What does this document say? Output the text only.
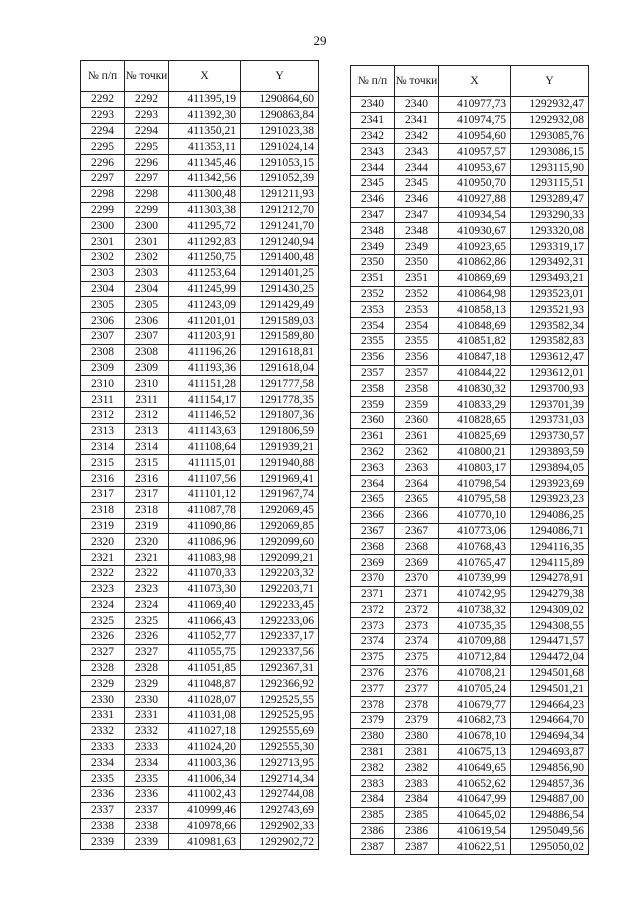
29
№ п/п	№ точки	X	Y
2292	2292	411395,19	1290864,60
2293	2293	411392,30	1290863,84
2294	2294	411350,21	1291023,38
2295	2295	411353,11	1291024,14
2296	2296	411345,46	1291053,15
2297	2297	411342,56	1291052,39
2298	2298	411300,48	1291211,93
2299	2299	411303,38	1291212,70
2300	2300	411295,72	1291241,70
2301	2301	411292,83	1291240,94
2302	2302	411250,75	1291400,48
2303	2303	411253,64	1291401,25
2304	2304	411245,99	1291430,25
2305	2305	411243,09	1291429,49
2306	2306	411201,01	1291589,03
2307	2307	411203,91	1291589,80
2308	2308	411196,26	1291618,81
2309	2309	411193,36	1291618,04
2310	2310	411151,28	1291777,58
2311	2311	411154,17	1291778,35
2312	2312	411146,52	1291807,36
2313	2313	411143,63	1291806,59
2314	2314	411108,64	1291939,21
2315	2315	411115,01	1291940,88
2316	2316	411107,56	1291969,41
2317	2317	411101,12	1291967,74
2318	2318	411087,78	1292069,45
2319	2319	411090,86	1292069,85
2320	2320	411086,96	1292099,60
2321	2321	411083,98	1292099,21
2322	2322	411070,33	1292203,32
2323	2323	411073,30	1292203,71
2324	2324	411069,40	1292233,45
2325	2325	411066,43	1292233,06
2326	2326	411052,77	1292337,17
2327	2327	411055,75	1292337,56
2328	2328	411051,85	1292367,31
2329	2329	411048,87	1292366,92
2330	2330	411028,07	1292525,55
2331	2331	411031,08	1292525,95
2332	2332	411027,18	1292555,69
2333	2333	411024,20	1292555,30
2334	2334	411003,36	1292713,95
2335	2335	411006,34	1292714,34
2336	2336	411002,43	1292744,08
2337	2337	410999,46	1292743,69
2338	2338	410978,66	1292902,33
2339	2339	410981,63	1292902,72
№ п/п	№ точки	X	Y
2340	2340	410977,73	1292932,47
2341	2341	410974,75	1292932,08
2342	2342	410954,60	1293085,76
2343	2343	410957,57	1293086,15
2344	2344	410953,67	1293115,90
2345	2345	410950,70	1293115,51
2346	2346	410927,88	1293289,47
2347	2347	410934,54	1293290,33
2348	2348	410930,67	1293320,08
2349	2349	410923,65	1293319,17
2350	2350	410862,86	1293492,31
2351	2351	410869,69	1293493,21
2352	2352	410864,98	1293523,01
2353	2353	410858,13	1293521,93
2354	2354	410848,69	1293582,34
2355	2355	410851,82	1293582,83
2356	2356	410847,18	1293612,47
2357	2357	410844,22	1293612,01
2358	2358	410830,32	1293700,93
2359	2359	410833,29	1293701,39
2360	2360	410828,65	1293731,03
2361	2361	410825,69	1293730,57
2362	2362	410800,21	1293893,59
2363	2363	410803,17	1293894,05
2364	2364	410798,54	1293923,69
2365	2365	410795,58	1293923,23
2366	2366	410770,10	1294086,25
2367	2367	410773,06	1294086,71
2368	2368	410768,43	1294116,35
2369	2369	410765,47	1294115,89
2370	2370	410739,99	1294278,91
2371	2371	410742,95	1294279,38
2372	2372	410738,32	1294309,02
2373	2373	410735,35	1294308,55
2374	2374	410709,88	1294471,57
2375	2375	410712,84	1294472,04
2376	2376	410708,21	1294501,68
2377	2377	410705,24	1294501,21
2378	2378	410679,77	1294664,23
2379	2379	410682,73	1294664,70
2380	2380	410678,10	1294694,34
2381	2381	410675,13	1294693,87
2382	2382	410649,65	1294856,90
2383	2383	410652,62	1294857,36
2384	2384	410647,99	1294887,00
2385	2385	410645,02	1294886,54
2386	2386	410619,54	1295049,56
2387	2387	410622,51	1295050,02
